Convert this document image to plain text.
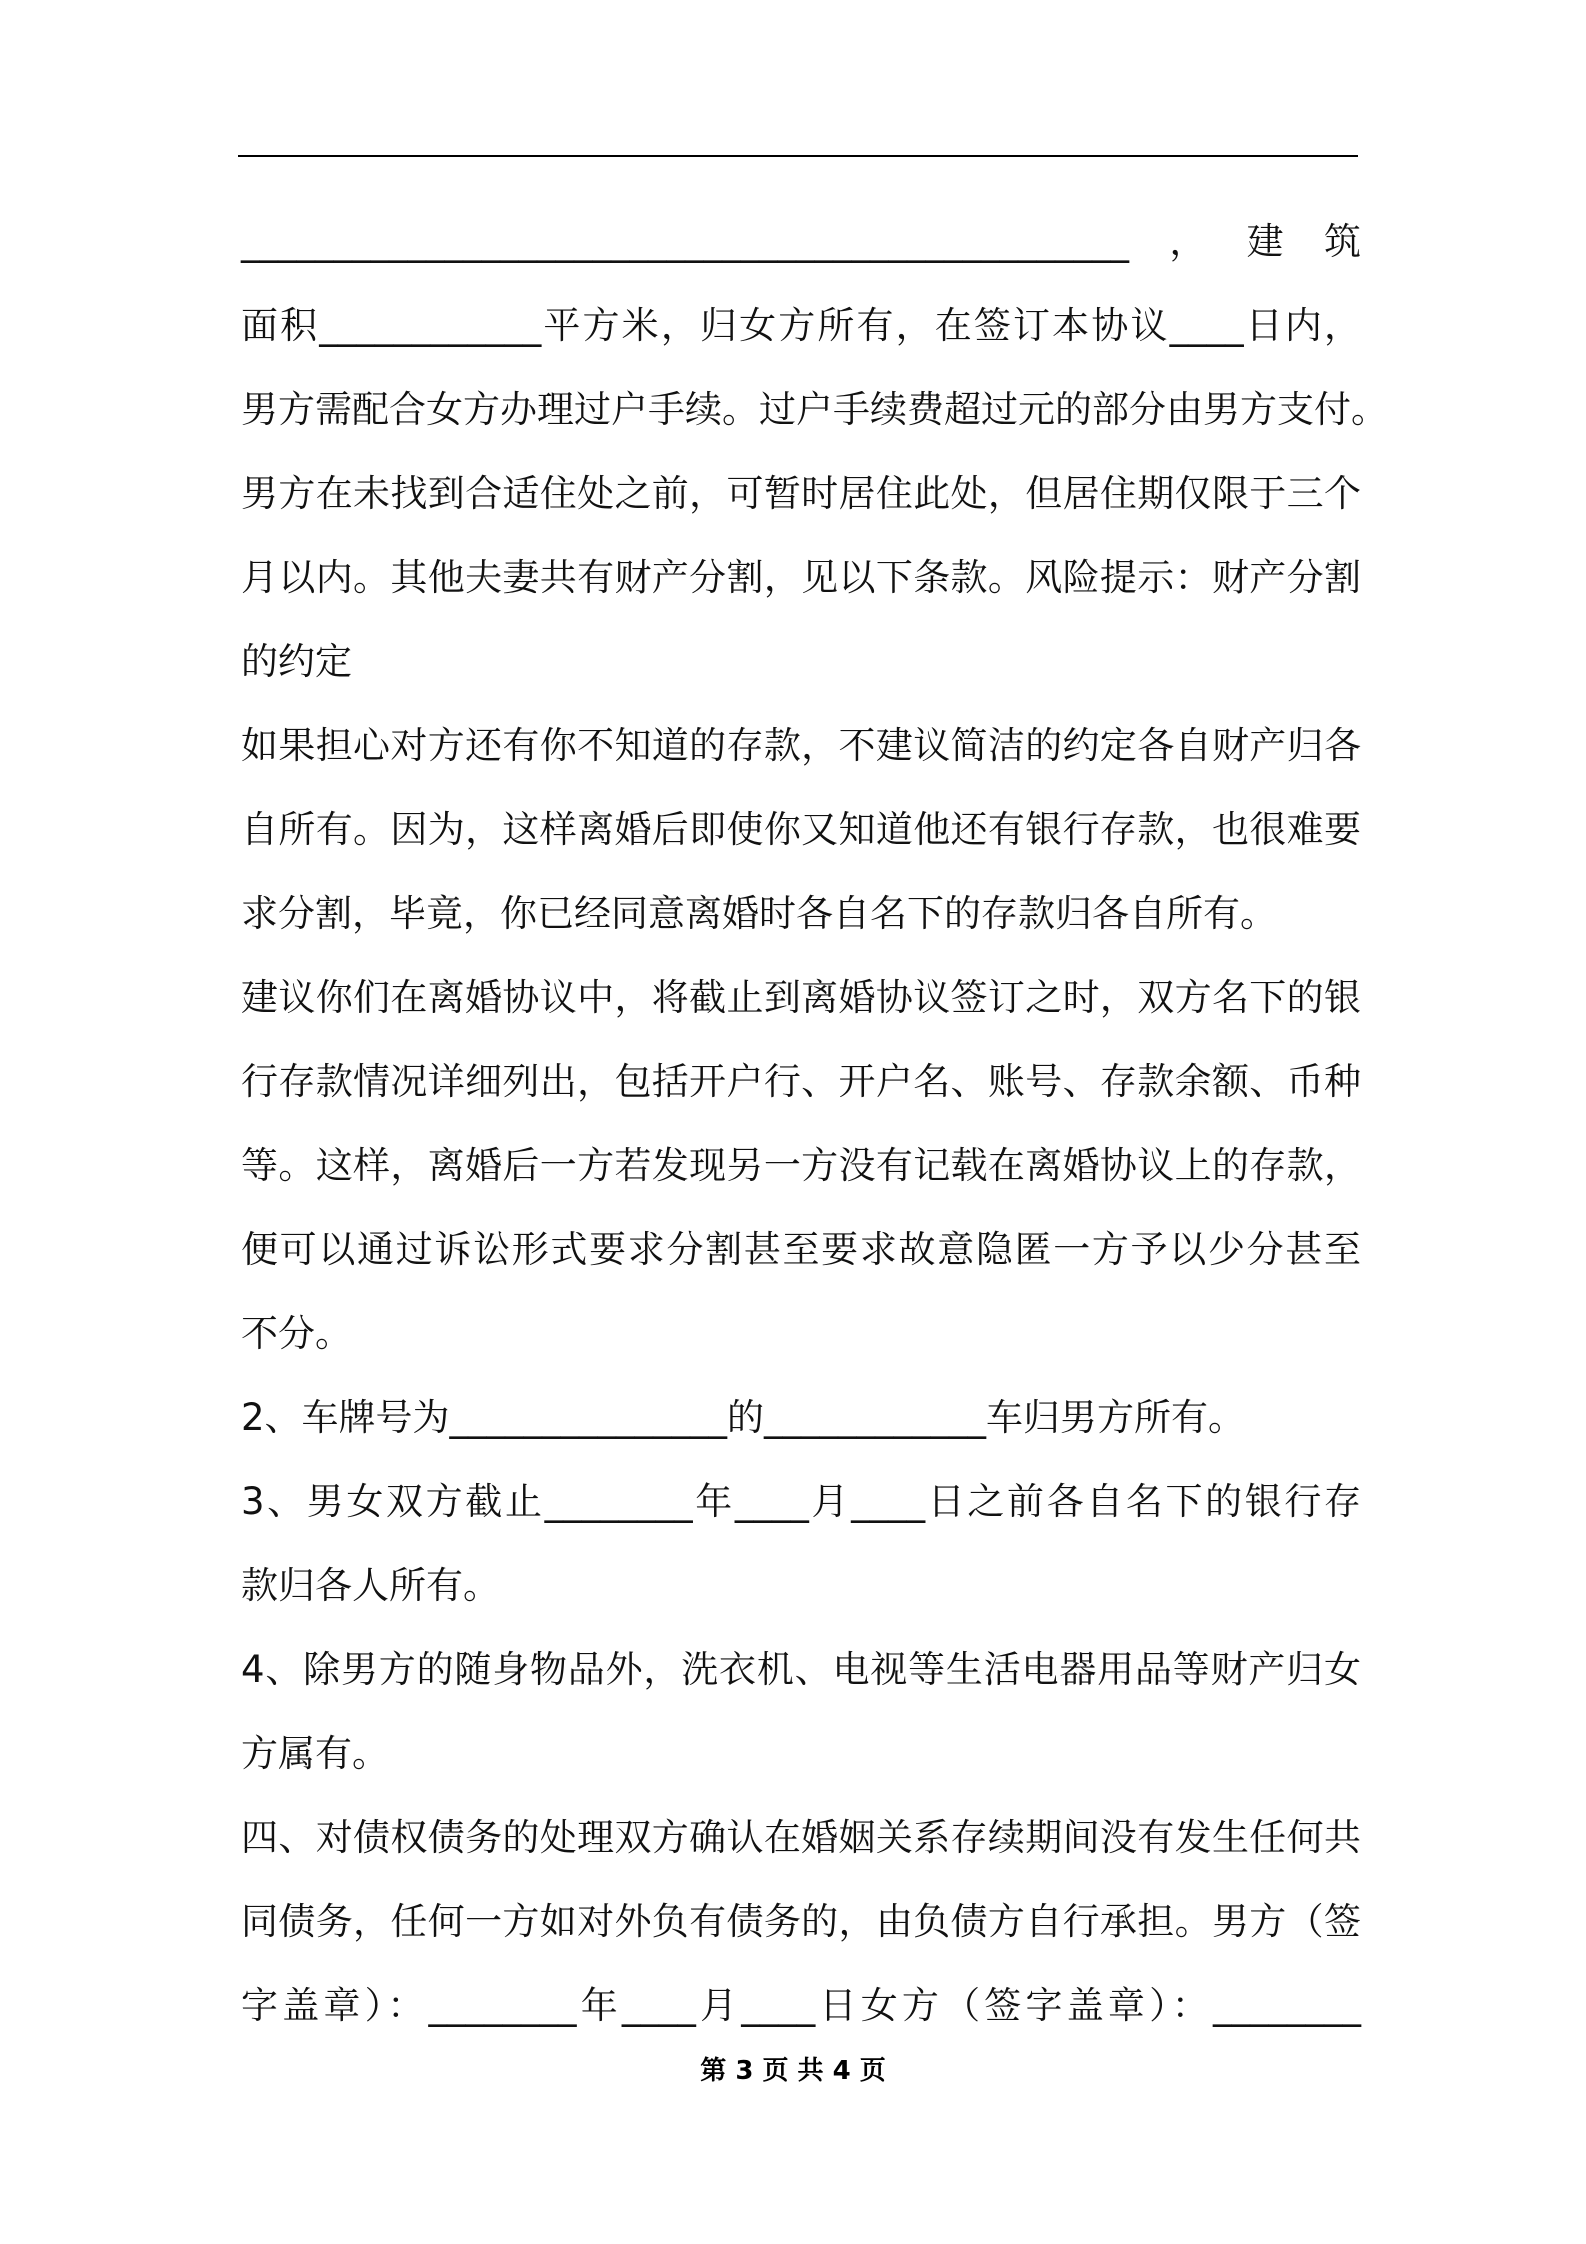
________________________________________________，建筑
面积____________平方米，归女方所有，在签订本协议____日内，
男方需配合女方办理过户手续。过户手续费超过元的部分由男方支付。
男方在未找到合适住处之前，可暂时居住此处，但居住期仅限于三个
月以内。其他夫妻共有财产分割，见以下条款。风险提示：财产分割
的约定
如果担心对方还有你不知道的存款，不建议简洁的约定各自财产归各
自所有。因为，这样离婚后即使你又知道他还有银行存款，也很难要
求分割，毕竟，你已经同意离婚时各自名下的存款归各自所有。
建议你们在离婚协议中，将截止到离婚协议签订之时，双方名下的银
行存款情况详细列出，包括开户行、开户名、账号、存款余额、币种
等。这样，离婚后一方若发现另一方没有记载在离婚协议上的存款，
便可以通过诉讼形式要求分割甚至要求故意隐匿一方予以少分甚至
不分。
2、车牌号为_______________的____________车归男方所有。
3、男女双方截止________年____月____日之前各自名下的银行存
款归各人所有。
4、除男方的随身物品外，洗衣机、电视等生活电器用品等财产归女
方属有。
四、对债权债务的处理双方确认在婚姻关系存续期间没有发生任何共
同债务，任何一方如对外负有债务的，由负债方自行承担。男方（签
字盖章）：________年____月____日女方（签字盖章）：________
第 3 页 共 4 页
